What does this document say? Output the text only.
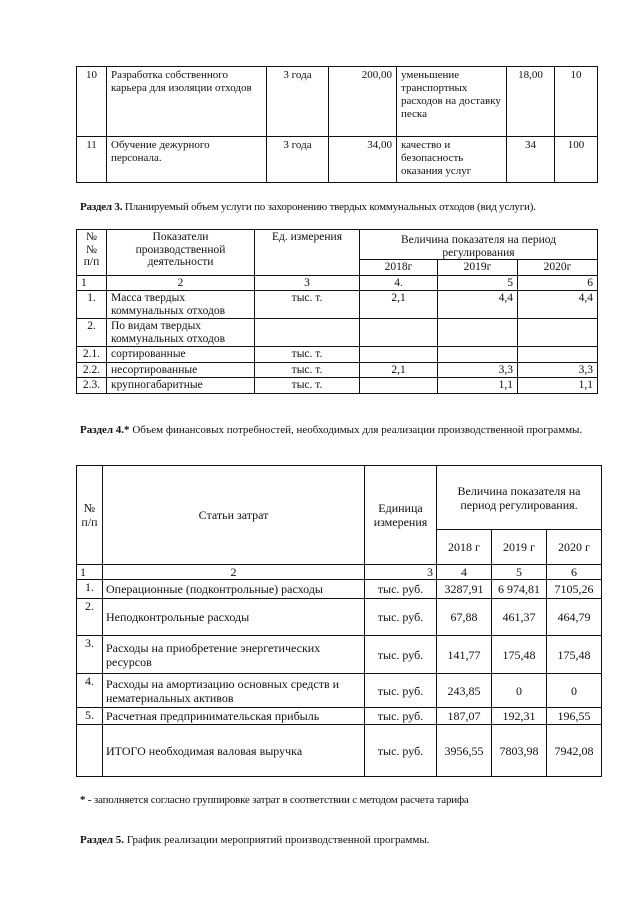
10	Разработка собственного карьера для изоляции отходов	3 года	200,00	уменьшение транспортных расходов на доставку песка	18,00	10
11	Обучение дежурного персонала.	3 года	34,00	качество и безопасность оказания услуг	34	100
Раздел 3. Планируемый объем услуги по захоронению твердых коммунальных отходов (вид услуги).
№№ п/п	Показатели производственной деятельности	Ед. измерения	Величина показателя на период регулирования		
			2018г	2019г	2020г
1	2	3	4.	5	6
1.	Масса твердых коммунальных отходов	тыс. т.	2,1	4,4	4,4
2.	По видам твердых коммунальных отходов				
2.1.	сортированные	тыс. т.			
2.2.	несортированные	тыс. т.	2,1	3,3	3,3
2.3.	крупногабаритные	тыс. т.		1,1	1,1
Раздел 4.* Объем финансовых потребностей, необходимых для реализации производственной программы.
№ п/п	Статьи затрат	Единица измерения	Величина показателя на период регулирования.		
			2018 г	2019 г	2020 г
1	2	3	4	5	6
1.	Операционные (подконтрольные) расходы	тыс. руб.	3287,91	6 974,81	7105,26
2.	Неподконтрольные расходы	тыс. руб.	67,88	461,37	464,79
3.	Расходы на приобретение энергетических ресурсов	тыс. руб.	141,77	175,48	175,48
4.	Расходы на амортизацию основных средств и нематериальных активов	тыс. руб.	243,85	0	0
5.	Расчетная предпринимательская прибыль	тыс. руб.	187,07	192,31	196,55
	ИТОГО необходимая валовая выручка	тыс. руб.	3956,55	7803,98	7942,08
* - заполняется согласно группировке затрат в соответствии с методом расчета тарифа
Раздел 5. График реализации мероприятий производственной программы.
